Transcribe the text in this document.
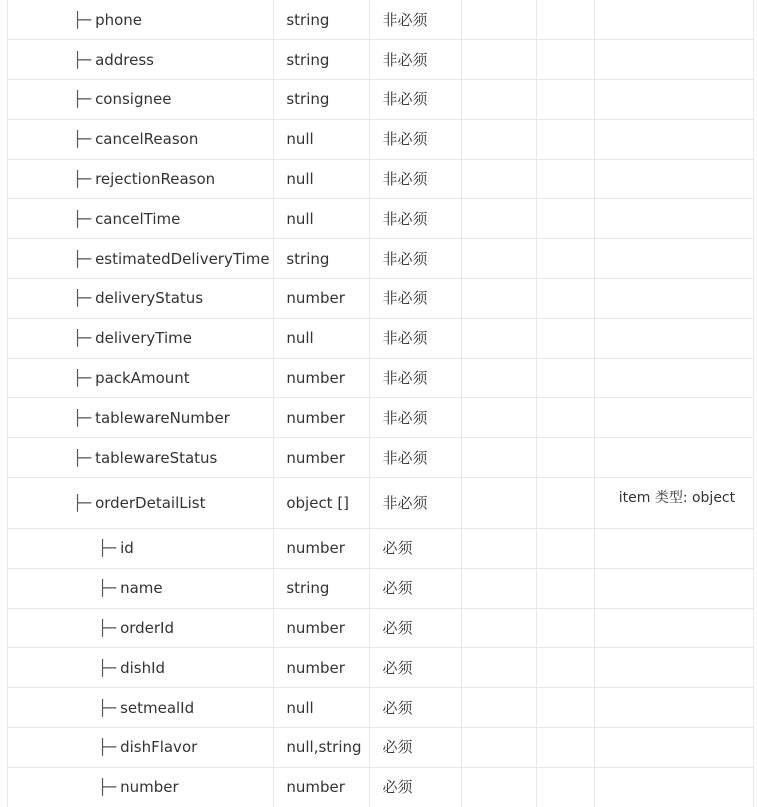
├─ phone	string	非必须			
├─ address	string	非必须			
├─ consignee	string	非必须			
├─ cancelReason	null	非必须			
├─ rejectionReason	null	非必须			
├─ cancelTime	null	非必须			
├─ estimatedDeliveryTime	string	非必须			
├─ deliveryStatus	number	非必须			
├─ deliveryTime	null	非必须			
├─ packAmount	number	非必须			
├─ tablewareNumber	number	非必须			
├─ tablewareStatus	number	非必须			
├─ orderDetailList	object []	非必须			item 类型: object
├─ id	number	必须			
├─ name	string	必须			
├─ orderId	number	必须			
├─ dishId	number	必须			
├─ setmealId	null	必须			
├─ dishFlavor	null,string	必须			
├─ number	number	必须			
